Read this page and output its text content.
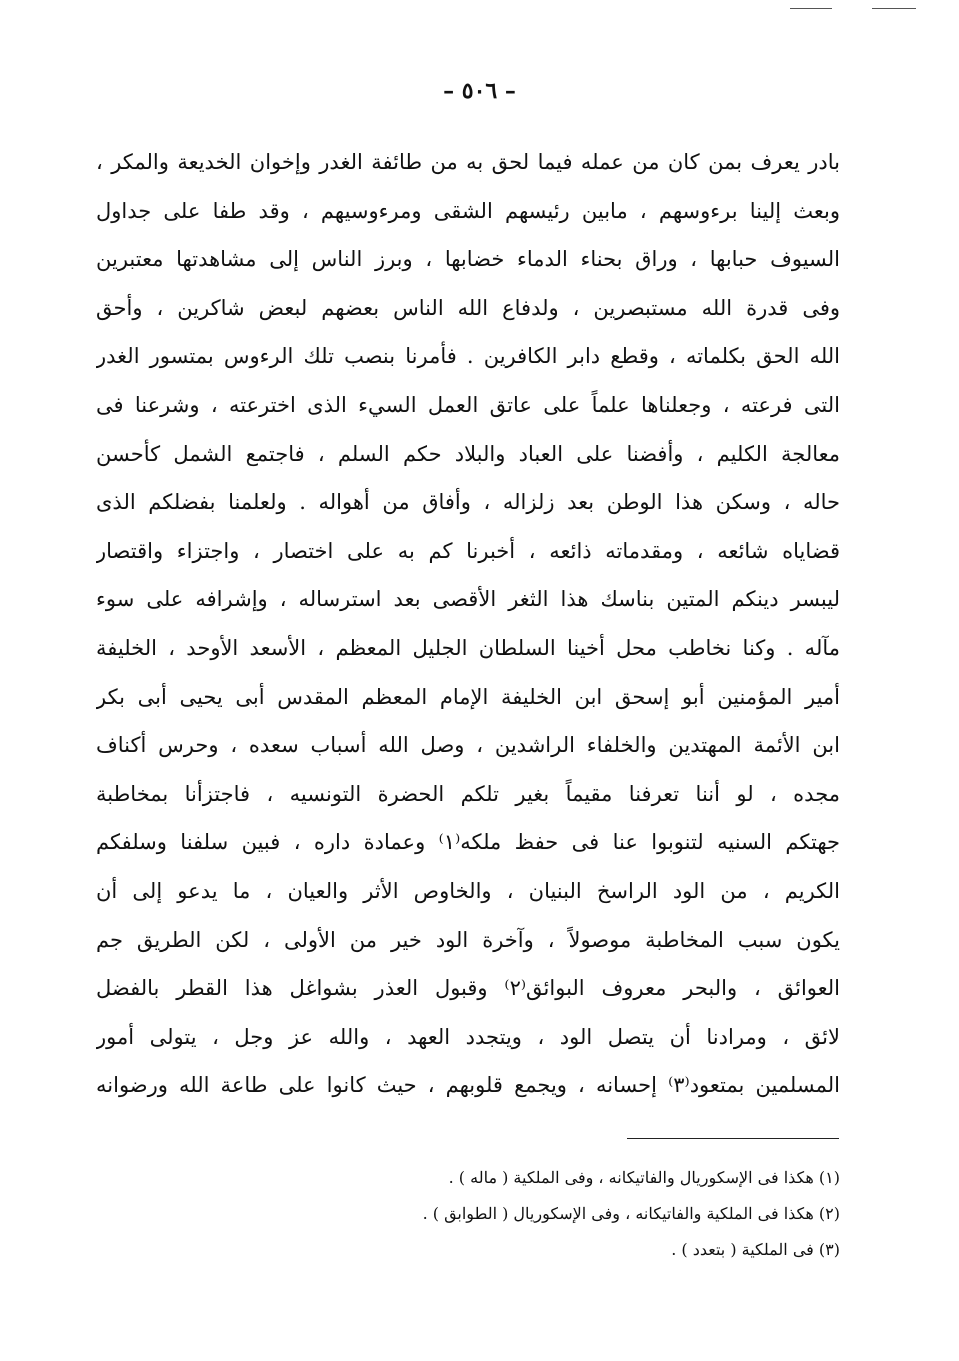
– ٥٠٦ –
بادر يعرف بمن كان من عمله فيما لحق به من طائفة الغدر وإخوان الخديعة والمكر ،
وبعث إلينا برءوسهم ، مابين رئيسهم الشقى ومرءوسيهم ، وقد طفا على جداول
السيوف حبابها ، وراق بحناء الدماء خضابها ، وبرز الناس إلى مشاهدتها معتبرين
وفى قدرة الله مستبصرين ، ولدفاع الله الناس بعضهم لبعض شاكرين ، وأحق
الله الحق بكلماته ، وقطع دابر الكافرين . فأمرنا بنصب تلك الرءوس بمتسور الغدر
التى فرعته ، وجعلناها علماً على عاتق العمل السيء الذى اخترعته ، وشرعنا فى
معالجة الكليم ، وأفضنا على العباد والبلاد حكم السلم ، فاجتمع الشمل كأحسن
حاله ، وسكن هذا الوطن بعد زلزاله ، وأفاق من أهواله . ولعلمنا بفضلكم الذى
قضاياه شائعه ، ومقدماته ذائعه ، أخبرنا كم به على اختصار ، واجتزاء واقتصار
ليبسر دينكم المتين بناسك هذا الثغر الأقصى بعد استرساله ، وإشرافه على سوء
مآله . وكنا نخاطب محل أخينا السلطان الجليل المعظم ، الأسعد الأوحد ، الخليفة
أمير المؤمنين أبو إسحق ابن الخليفة الإمام المعظم المقدس أبى يحيى أبى بكر
ابن الأئمة المهتدين والخلفاء الراشدين ، وصل الله أسباب سعده ، وحرس أكناف
مجده ، لو أننا تعرفنا مقيماً بغير تلكم الحضرة التونسيه ، فاجتزأنا بمخاطبة
جهتكم السنيه لتنوبوا عنا فى حفظ ملكه⁽١⁾ وعمادة داره ، فبين سلفنا وسلفكم
الكريم ، من الود الراسخ البنيان ، والخاوص الأثر والعيان ، ما يدعو إلى أن
يكون سبب المخاطبة موصولاً ، وآخرة الود خير من الأولى ، لكن الطريق جم
العوائق ، والبحر معروف البوائق⁽٢⁾ وقبول العذر بشواغل هذا القطر بالفضل
لائق ، ومرادنا أن يتصل الود ، ويتجدد العهد ، والله عز وجل ، يتولى أمور
المسلمين بمتعود⁽٣⁾ إحسانه ، ويجمع قلوبهم ، حيث كانوا على طاعة الله ورضوانه
(١) هكذا فى الإسكوريال والفاتيكانه ، وفى الملكية ( ماله ) .
(٢) هكذا فى الملكية والفاتيكانه ، وفى الإسكوريال ( الطوابق ) .
(٣) فى الملكية ( بتعدد ) .
